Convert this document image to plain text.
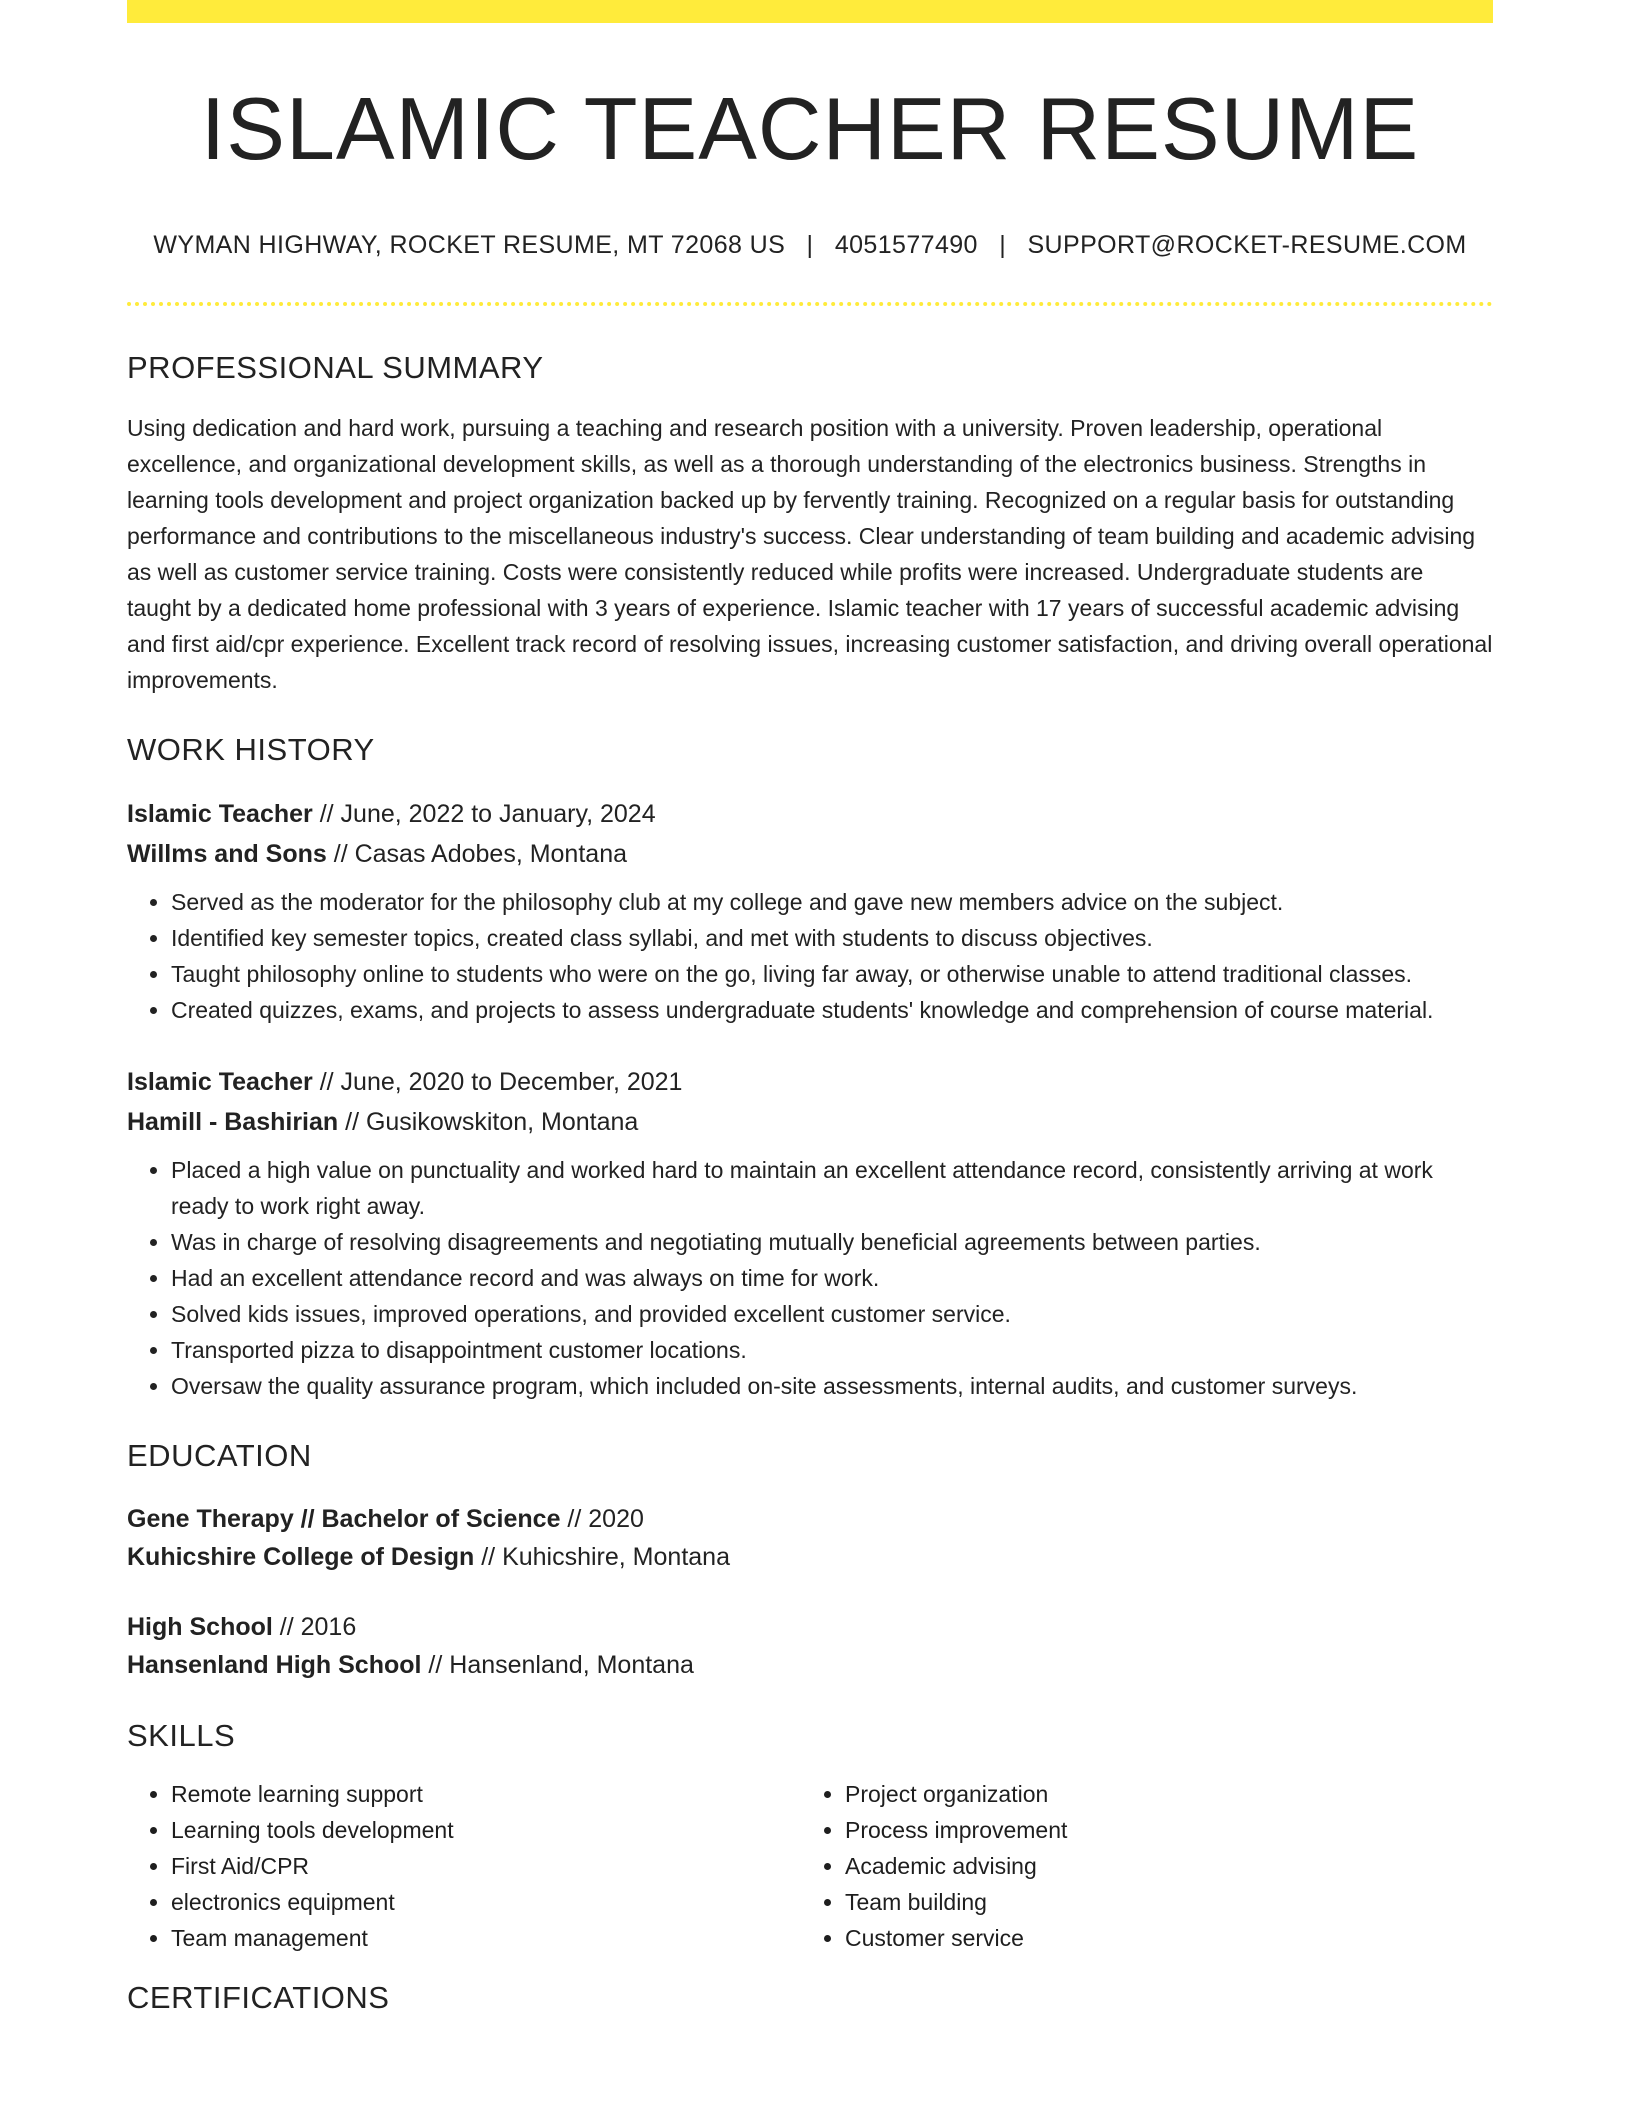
ISLAMIC TEACHER RESUME
WYMAN HIGHWAY, ROCKET RESUME, MT 72068 US | 4051577490 | SUPPORT@ROCKET-RESUME.COM
PROFESSIONAL SUMMARY

Using dedication and hard work, pursuing a teaching and research position with a university. Proven leadership, operational excellence, and organizational development skills, as well as a thorough understanding of the electronics business. Strengths in learning tools development and project organization backed up by fervently training. Recognized on a regular basis for outstanding performance and contributions to the miscellaneous industry's success. Clear understanding of team building and academic advising as well as customer service training. Costs were consistently reduced while profits were increased. Undergraduate students are taught by a dedicated home professional with 3 years of experience. Islamic teacher with 17 years of successful academic advising and first aid/cpr experience. Excellent track record of resolving issues, increasing customer satisfaction, and driving overall operational improvements.

WORK HISTORY
Islamic Teacher // June, 2022 to January, 2024
Willms and Sons // Casas Adobes, Montana
• Served as the moderator for the philosophy club at my college and gave new members advice on the subject.
• Identified key semester topics, created class syllabi, and met with students to discuss objectives.
• Taught philosophy online to students who were on the go, living far away, or otherwise unable to attend traditional classes.
• Created quizzes, exams, and projects to assess undergraduate students' knowledge and comprehension of course material.
Islamic Teacher // June, 2020 to December, 2021
Hamill - Bashirian // Gusikowskiton, Montana
• Placed a high value on punctuality and worked hard to maintain an excellent attendance record, consistently arriving at work ready to work right away.
• Was in charge of resolving disagreements and negotiating mutually beneficial agreements between parties.
• Had an excellent attendance record and was always on time for work.
• Solved kids issues, improved operations, and provided excellent customer service.
• Transported pizza to disappointment customer locations.
• Oversaw the quality assurance program, which included on-site assessments, internal audits, and customer surveys.
EDUCATION
Gene Therapy // Bachelor of Science // 2020
Kuhicshire College of Design // Kuhicshire, Montana
High School // 2016
Hansenland High School // Hansenland, Montana
SKILLS
• Remote learning support
• Learning tools development
• First Aid/CPR
• electronics equipment
• Team management
• Project organization
• Process improvement
• Academic advising
• Team building
• Customer service
CERTIFICATIONS
